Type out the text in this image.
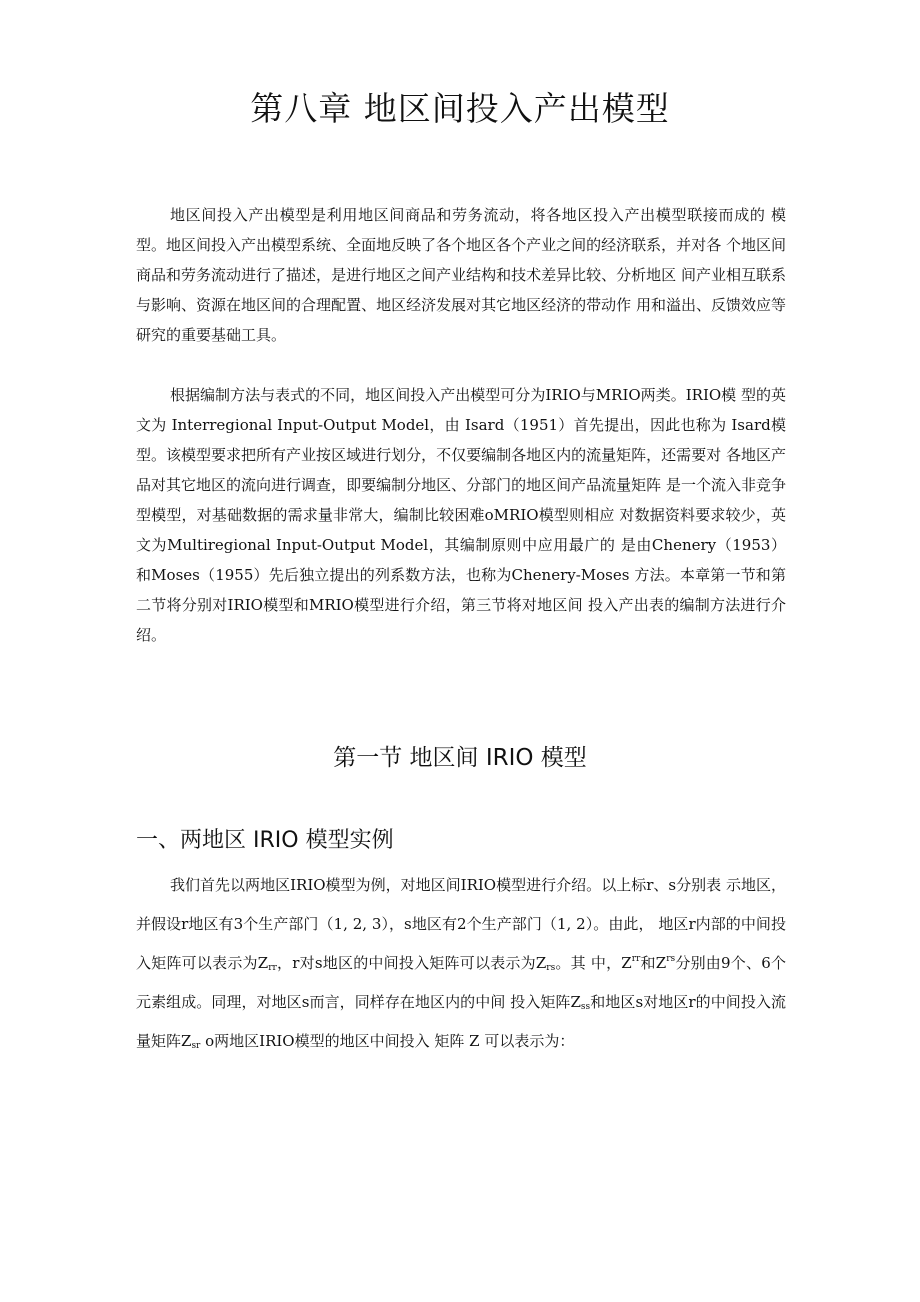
第八章 地区间投入产出模型

地区间投入产出模型是利用地区间商品和劳务流动，将各地区投入产出模型联接而成的 模型。地区间投入产出模型系统、全面地反映了各个地区各个产业之间的经济联系，并对各 个地区间商品和劳务流动进行了描述，是进行地区之间产业结构和技术差异比较、分析地区 间产业相互联系与影响、资源在地区间的合理配置、地区经济发展对其它地区经济的带动作 用和溢出、反馈效应等研究的重要基础工具。

根据编制方法与表式的不同，地区间投入产出模型可分为IRIO与MRIO两类。IRIO模 型的英文为 Interregional Input-Output Model，由 Isard（1951）首先提出，因此也称为 Isard模型。该模型要求把所有产业按区域进行划分，不仅要编制各地区内的流量矩阵，还需要对 各地区产品对其它地区的流向进行调查，即要编制分地区、分部门的地区间产品流量矩阵 是一个流入非竞争型模型，对基础数据的需求量非常大，编制比较困难oMRIO模型则相应 对数据资料要求较少，英文为Multiregional Input-Output Model，其编制原则中应用最广的 是由Chenery（1953）和Moses（1955）先后独立提出的列系数方法，也称为Chenery-Moses 方法。本章第一节和第二节将分别对IRIO模型和MRIO模型进行介绍，第三节将对地区间 投入产出表的编制方法进行介绍。

第一节 地区间 IRIO 模型
一、两地区 IRIO 模型实例

我们首先以两地区IRIO模型为例，对地区间IRIO模型进行介绍。以上标r、s分别表 示地区，并假设r地区有3个生产部门（1, 2, 3），s地区有2个生产部门（1, 2）。由此， 地区r内部的中间投入矩阵可以表示为$Z_{rr}$，r对s地区的中间投入矩阵可以表示为$Z_{rs}$。其 中，$Z^{rr}$和$Z^{rs}$分别由9个、6个元素组成。同理，对地区s而言，同样存在地区内的中间 投入矩阵$Z_{ss}$和地区s对地区r的中间投入流量矩阵$Z_{sr}$ o两地区IRIO模型的地区中间投入 矩阵 Z 可以表示为：
